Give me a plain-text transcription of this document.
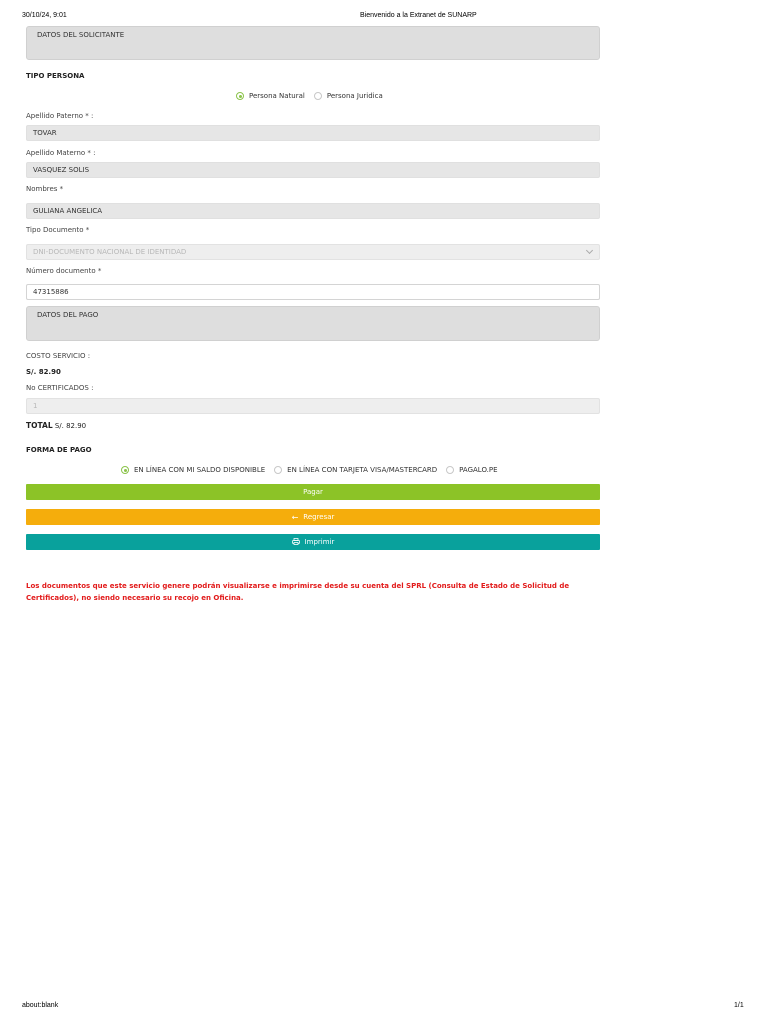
30/10/24, 9:01	Bienvenido a la Extranet de SUNARP
DATOS DEL SOLICITANTE
TIPO PERSONA
Persona Natural	Persona Juridica
Apellido Paterno * :
TOVAR
Apellido Materno * :
VASQUEZ SOLIS
Nombres *
GULIANA ANGELICA
Tipo Documento *
DNI-DOCUMENTO NACIONAL DE IDENTIDAD
Número documento *
47315886
DATOS DEL PAGO
COSTO SERVICIO :
S/. 82.90
No CERTIFICADOS :
1
TOTAL S/. 82.90
FORMA DE PAGO
EN LÍNEA CON MI SALDO DISPONIBLE	EN LÍNEA CON TARJETA VISA/MASTERCARD	PAGALO.PE
Pagar
← Regresar
Imprimir
Los documentos que este servicio genere podrán visualizarse e imprimirse desde su cuenta del SPRL (Consulta de Estado de Solicitud de Certificados), no siendo necesario su recojo en Oficina.
about:blank	1/1
